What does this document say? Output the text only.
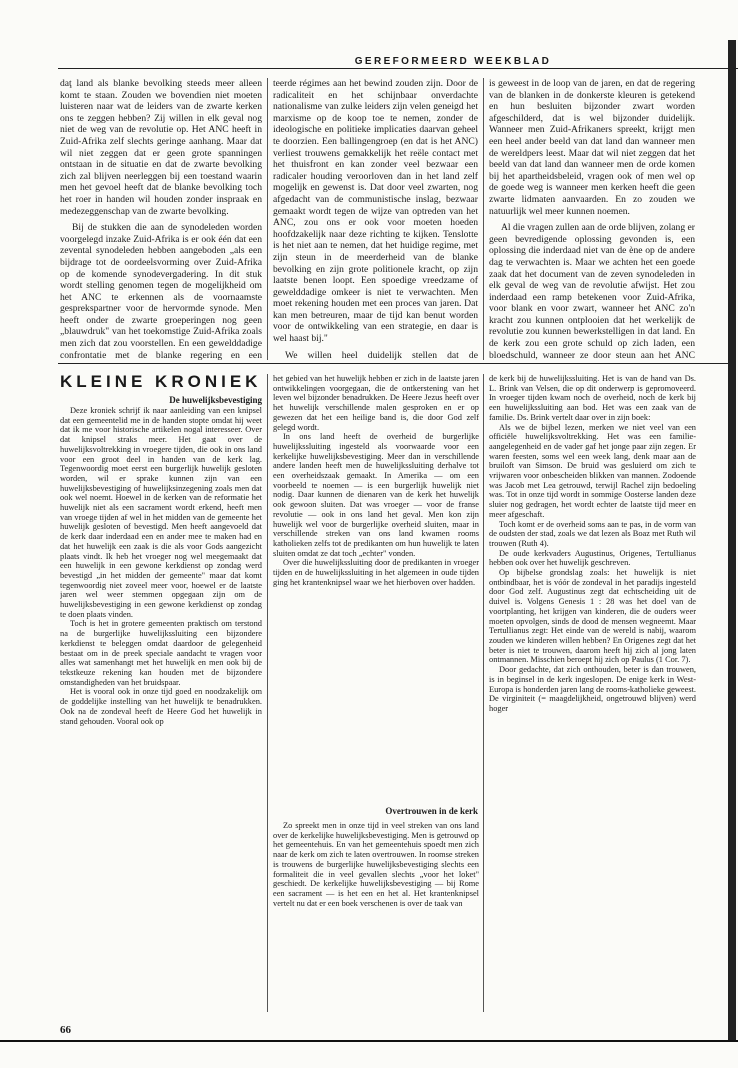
GEREFORMEERD WEEKBLAD

daţ land als blanke bevolking steeds meer alleen komt te staan. Zouden we bovendien niet moeten luisteren naar wat de leiders van de zwarte kerken ons te zeggen hebben? Zij willen in elk geval nog niet de weg van de revolutie op. Het ANC heeft in Zuid-Afrika zelf slechts geringe aanhang. Maar dat wil niet zeggen dat er geen grote spanningen ontstaan in de situatie en dat de zwarte bevolking zich zal blijven neerleggen bij een toestand waarin men het gevoel heeft dat de blanke bevolking toch het roer in handen wil houden zonder inspraak en medezeggenschap van de zwarte bevolking.

Bij de stukken die aan de synodeleden worden voorgelegd inzake Zuid-Afrika is er ook één dat een zevental synodeleden hebben aangeboden „als een bijdrage tot de oordeelsvorming over Zuid-Afrika op de komende synodevergadering. In dit stuk wordt stelling genomen tegen de mogelijkheid om het ANC te erkennen als de voornaamste gesprekspartner voor de hervormde synode. Men heeft onder de zwarte groeperingen nog geen „blauwdruk" van het toekomstige Zuid-Afrika zoals men zich dat zou voorstellen. En een gewelddadige confrontatie met de blanke regering en een

teerde régimes aan het bewind zouden zijn. Door de radicaliteit en het schijnbaar onverdachte nationalisme van zulke leiders zijn velen geneigd het marxisme op de koop toe te nemen, zonder de ideologische en politieke implicaties daarvan geheel te doorzien. Een ballingengroep (en dat is het ANC) verliest trouwens gemakkelijk het reële contact met het thuisfront en kan zonder veel bezwaar een radicaler houding veroorloven dan in het land zelf mogelijk en gewenst is. Dat door veel zwarten, nog afgedacht van de communistische inslag, bezwaar gemaakt wordt tegen de wijze van optreden van het ANC, zou ons er ook voor moeten hoeden hoofdzakelijk naar deze richting te kijken. Tenslotte is het niet aan te nemen, dat het huidige regime, met zijn steun in de meerderheid van de blanke bevolking en zijn grote politionele kracht, op zijn laatste benen loopt. Een spoedige vreedzame of gewelddadige omkeer is niet te verwachten. Men moet rekening houden met een proces van jaren. Dat kan men betreuren, maar de tijd kan benut worden voor de ontwikkeling van een strategie, en daar is wel haast bij."

We willen heel duidelijk stellen dat de

is geweest in de loop van de jaren, en dat de regering van de blanken in de donkerste kleuren is getekend en hun besluiten bijzonder zwart worden afgeschilderd, dat is wel bijzonder duidelijk. Wanneer men Zuid-Afrikaners spreekt, krijgt men een heel ander beeld van dat land dan wanneer men de wereldpers leest. Maar dat wil niet zeggen dat het beeld van dat land dan wanneer men de orde komen bij het apartheidsbeleid, vragen ook of men wel op de goede weg is wanneer men kerken heeft die geen zwarte lidmaten aanvaarden. En zo zouden we natuurlijk wel meer kunnen noemen.

Al die vragen zullen aan de orde blijven, zolang er geen bevredigende oplossing gevonden is, een oplossing die inderdaad niet van de ène op de andere dag te verwachten is. Maar we achten het een goede zaak dat het document van de zeven synodeleden in elk geval de weg van de revolutie afwijst. Het zou inderdaad een ramp betekenen voor Zuid-Afrika, voor blank en voor zwart, wanneer het ANC zo'n kracht zou kunnen ontplooien dat het werkelijk de revolutie zou kunnen bewerkstelligen in dat land. En de kerk zou een grote schuld op zich laden, een bloedschuld, wanneer ze door steun aan het ANC

KLEINE KRONIEK
De huwelijksbevestiging

Deze kroniek schrijf ik naar aanleiding van een knipsel dat een gemeentelid me in de handen stopte omdat hij weet dat ik me voor historische artikelen nogal interesseer. Over dat knipsel straks meer. Het gaat over de huwelijksvoltrekking in vroegere tijden, die ook in ons land voor een groot deel in handen van de kerk lag. Tegenwoordig moet eerst een burgerlijk huwelijk gesloten worden, wil er sprake kunnen zijn van een huwelijksbevestiging of huwelijksinzegening zoals men dat ook wel noemt. Hoewel in de kerken van de reformatie het huwelijk niet als een sacrament wordt erkend, heeft men van vroege tijden af wel in het midden van de gemeente het huwelijk gesloten of bevestigd. Men heeft aangevoeld dat de kerk daar inderdaad een en ander mee te maken had en dat het huwelijk een zaak is die als voor Gods aangezicht plaats vindt. Ik heb het vroeger nog wel meegemaakt dat een huwelijk in een gewone kerkdienst op zondag werd bevestigd „in het midden der gemeente" maar dat komt tegenwoordig niet zoveel meer voor, hoewel er de laatste jaren wel weer stemmen opgegaan zijn om de huwelijksbevestiging in een gewone kerkdienst op zondag te doen plaats vinden.

Toch is het in grotere gemeenten praktisch om terstond na de burgerlijke huwelijkssluiting een bijzondere kerkdienst te beleggen omdat daardoor de gelegenheid bestaat om in de preek speciale aandacht te vragen voor alles wat samenhangt met het huwelijk en men ook bij de tekstkeuze rekening kan houden met de bijzondere omstandigheden van het bruidspaar.

Het is vooral ook in onze tijd goed en noodzakelijk om de goddelijke instelling van het huwelijk te benadrukken. Ook na de zondeval heeft de Heere God het huwelijk in stand gehouden. Vooral ook op

het gebied van het huwelijk hebben er zich in de laatste jaren ontwikkelingen voorgegaan, die de ontkerstening van het leven wel bijzonder benadrukken. De Heere Jezus heeft over het huwelijk verschillende malen gesproken en er op gewezen dat het een heilige band is, die door God zelf gelegd wordt.

In ons land heeft de overheid de burgerlijke huwelijkssluiting ingesteld als voorwaarde voor een kerkelijke huwelijksbevestiging. Meer dan in verschillende andere landen heeft men de huwelijkssluiting derhalve tot een overheidszaak gemaakt. In Amerika — om een voorbeeld te noemen — is een burgerlijk huwelijk niet nodig. Daar kunnen de dienaren van de kerk het huwelijk ook gewoon sluiten. Dat was vroeger — voor de franse revolutie — ook in ons land het geval. Men kon zijn huwelijk wel voor de burgerlijke overheid sluiten, maar in verschillende streken van ons land kwamen rooms katholieken zelfs tot de predikanten om hun huwelijk te laten sluiten omdat ze dat toch „echter" vonden.

Over die huwelijkssluiting door de predikanten in vroeger tijden en de huwelijkssluiting in het algemeen in oude tijden ging het krantenknipsel waar we het hierboven over hadden.

Overtrouwen in de kerk

Zo spreekt men in onze tijd in veel streken van ons land over de kerkelijke huwelijksbevestiging. Men is getrouwd op het gemeentehuis. En van het gemeentehuis spoedt men zich naar de kerk om zich te laten overtrouwen. In roomse streken is trouwens de burgerlijke huwelijksbevestiging slechts een formaliteit die in veel gevallen slechts „voor het loket" geschiedt. De kerkelijke huwelijksbevestiging — bij Rome een sacrament — is het een en het al. Het krantenknipsel vertelt nu dat er een boek verschenen is over de taak van

de kerk bij de huwelijkssluiting. Het is van de hand van Ds. L. Brink van Velsen, die op dit onderwerp is gepromoveerd. In vroeger tijden kwam noch de overheid, noch de kerk bij een huwelijkssluiting aan bod. Het was een zaak van de familie. Ds. Brink vertelt daar over in zijn boek:

Als we de bijbel lezen, merken we niet veel van een officiële huwelijksvoltrekking. Het was een familie-aangelegenheid en de vader gaf het jonge paar zijn zegen. Er waren feesten, soms wel een week lang, denk maar aan de bruiloft van Simson. De bruid was gesluierd om zich te vrijwaren voor onbescheiden blikken van mannen. Zodoende was Jacob met Lea getrouwd, terwijl Rachel zijn bedoeling was. Tot in onze tijd wordt in sommige Oosterse landen deze sluier nog gedragen, het wordt echter de laatste tijd meer en meer afgeschaft.

Toch komt er de overheid soms aan te pas, in de vorm van de oudsten der stad, zoals we dat lezen als Boaz met Ruth wil trouwen (Ruth 4).

De oude kerkvaders Augustinus, Origenes, Tertullianus hebben ook over het huwelijk geschreven.

Op bijbelse grondslag zoals: het huwelijk is niet ontbindbaar, het is vóór de zondeval in het paradijs ingesteld door God zelf. Augustinus zegt dat echtscheiding uit de duivel is. Volgens Genesis 1 : 28 was het doel van de voortplanting, het krijgen van kinderen, die de ouders weer moeten opvolgen, sinds de dood de mensen wegneemt. Maar Tertullianus zegt: Het einde van de wereld is nabij, waarom zouden we kinderen willen hebben? En Origenes zegt dat het beter is niet te trouwen, daarom heeft hij zich al jong laten ontmannen. Misschien beroept hij zich op Paulus (1 Cor. 7).

Door gedachte, dat zich onthouden, beter is dan trouwen, is in beginsel in de kerk ingeslopen. De enige kerk in West-Europa is honderden jaren lang de rooms-katholieke geweest. De virginiteit (= maagdelijkheid, ongetrouwd blijven) werd hoger

66
